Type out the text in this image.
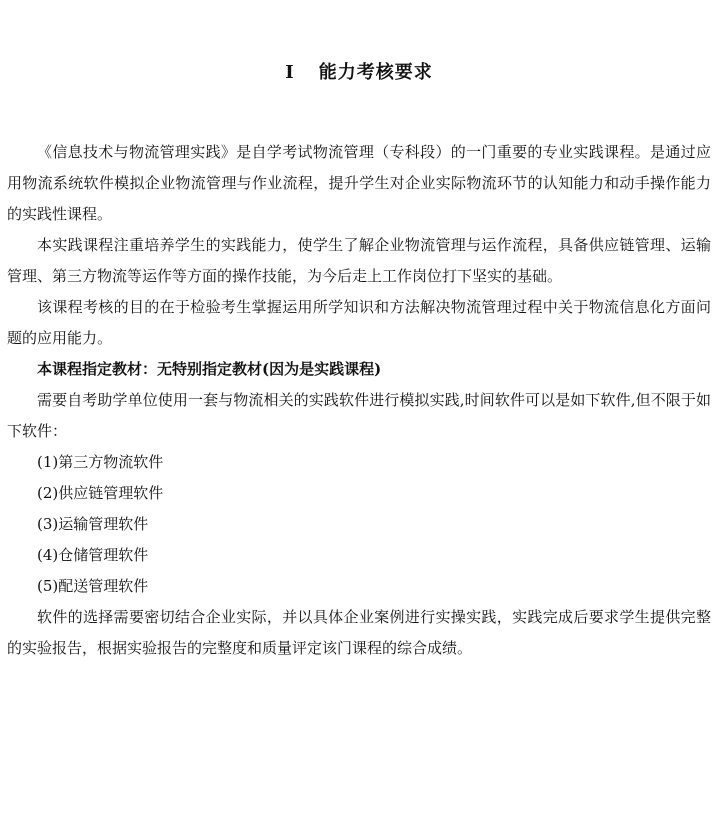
I 能力考核要求

《信息技术与物流管理实践》是自学考试物流管理（专科段）的一门重要的专业实践课程。是通过应用物流系统软件模拟企业物流管理与作业流程，提升学生对企业实际物流环节的认知能力和动手操作能力的实践性课程。

本实践课程注重培养学生的实践能力，使学生了解企业物流管理与运作流程，具备供应链管理、运输管理、第三方物流等运作等方面的操作技能，为今后走上工作岗位打下坚实的基础。

该课程考核的目的在于检验考生掌握运用所学知识和方法解决物流管理过程中关于物流信息化方面问题的应用能力。

本课程指定教材：无特别指定教材(因为是实践课程)

需要自考助学单位使用一套与物流相关的实践软件进行模拟实践,时间软件可以是如下软件,但不限于如下软件：

(1)第三方物流软件

(2)供应链管理软件

(3)运输管理软件

(4)仓储管理软件

(5)配送管理软件

软件的选择需要密切结合企业实际，并以具体企业案例进行实操实践，实践完成后要求学生提供完整的实验报告，根据实验报告的完整度和质量评定该门课程的综合成绩。
